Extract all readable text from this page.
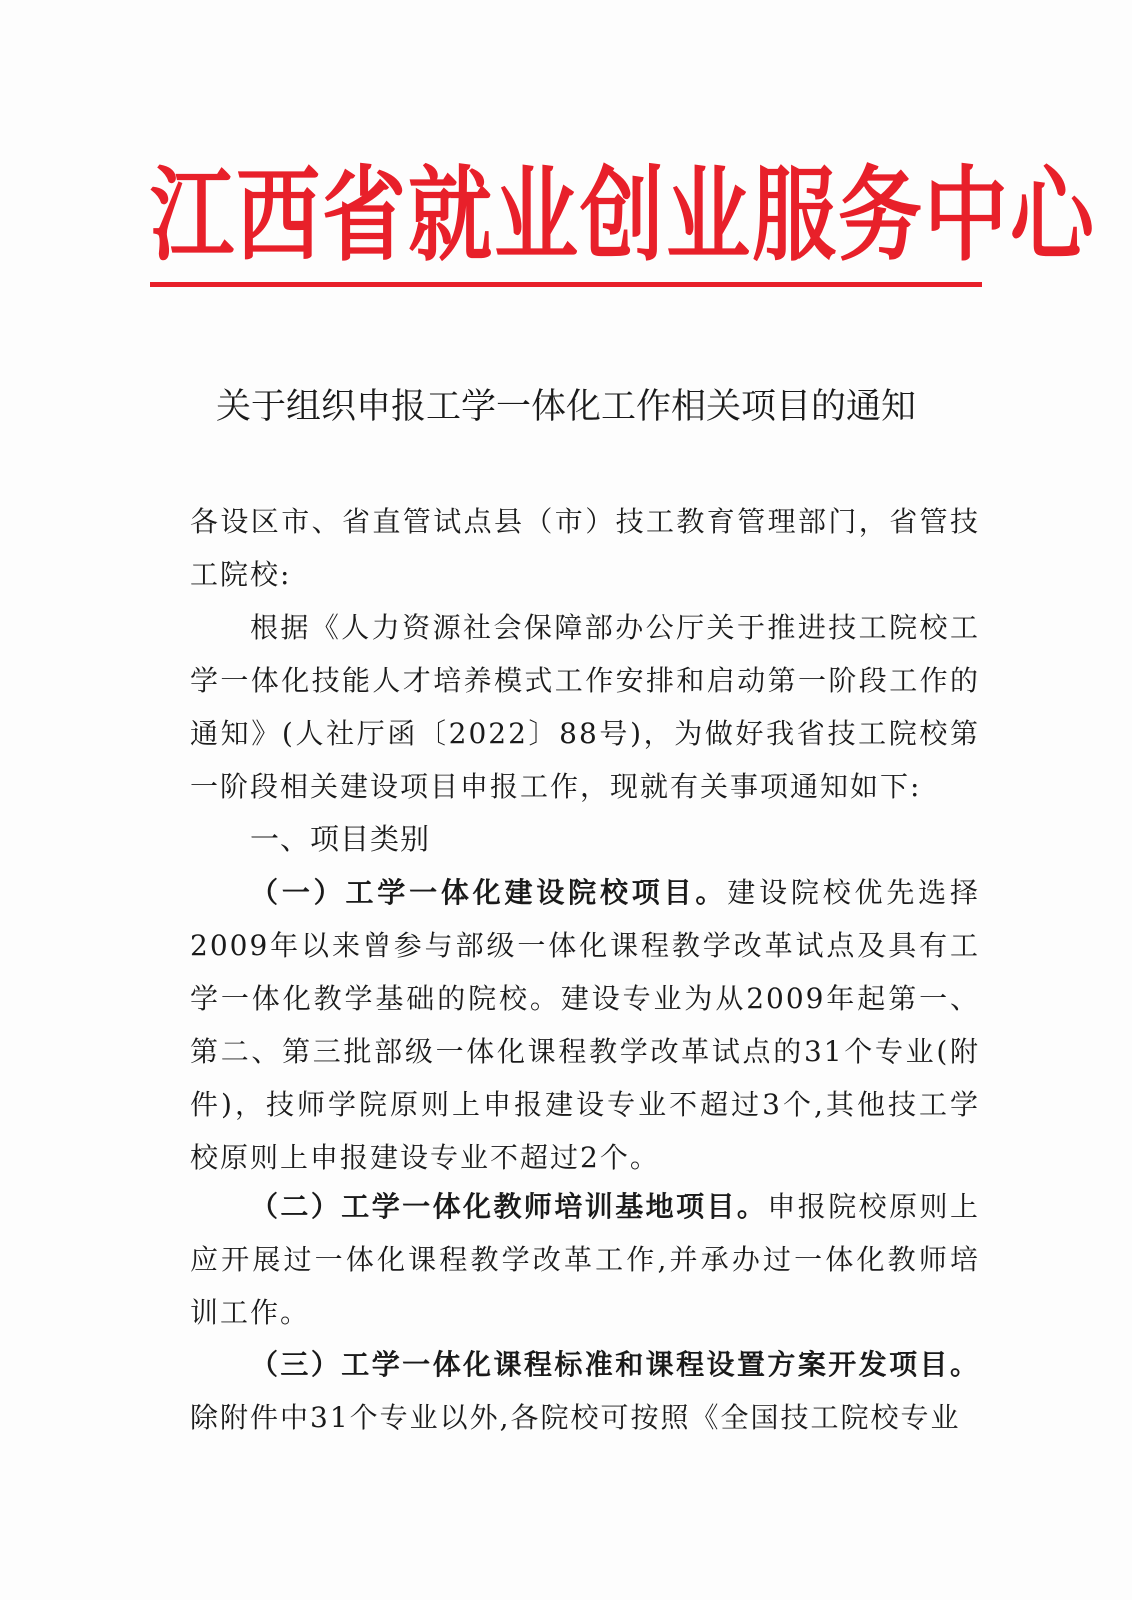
江西省就业创业服务中心
关于组织申报工学一体化工作相关项目的通知
各设区市、省直管试点县（市）技工教育管理部门，省管技工院校:
根据《人力资源社会保障部办公厅关于推进技工院校工学一体化技能人才培养模式工作安排和启动第一阶段工作的通知》(人社厅函〔2022〕88号)，为做好我省技工院校第一阶段相关建设项目申报工作，现就有关事项通知如下:
一、项目类别
（一）工学一体化建设院校项目。建设院校优先选择2009年以来曾参与部级一体化课程教学改革试点及具有工学一体化教学基础的院校。建设专业为从2009年起第一、第二、第三批部级一体化课程教学改革试点的31个专业(附件)，技师学院原则上申报建设专业不超过3个,其他技工学校原则上申报建设专业不超过2个。
（二）工学一体化教师培训基地项目。申报院校原则上应开展过一体化课程教学改革工作,并承办过一体化教师培训工作。
（三）工学一体化课程标准和课程设置方案开发项目。除附件中31个专业以外,各院校可按照《全国技工院校专业
